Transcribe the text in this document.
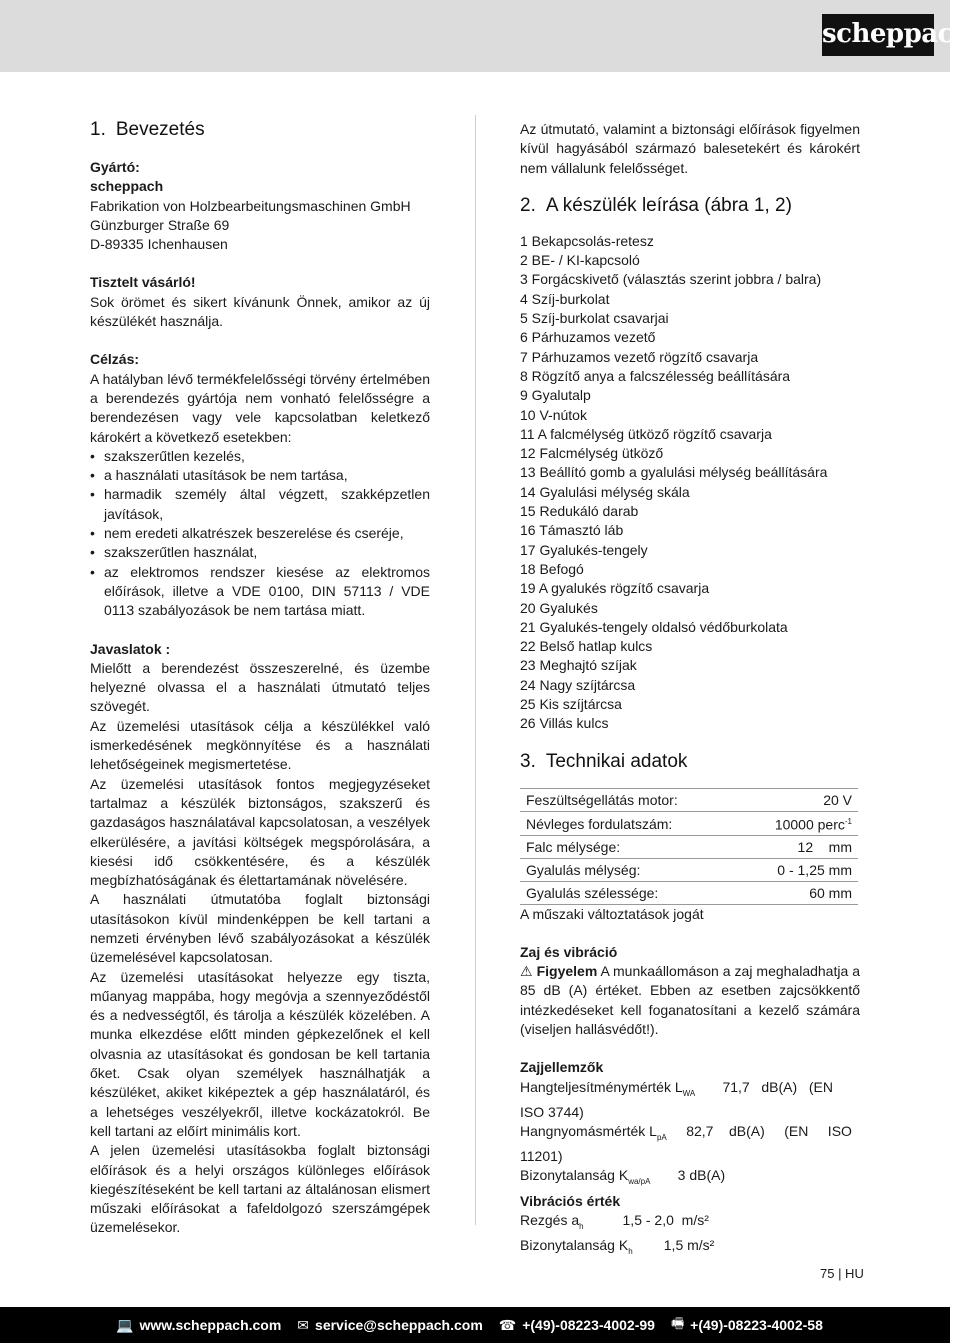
scheppach
1. Bevezetés

Gyártó:

scheppach

Fabrikation von Holzbearbeitungsmaschinen GmbH

Günzburger Straße 69

D-89335 Ichenhausen

Tisztelt vásárló!

Sok örömet és sikert kívánunk Önnek, amikor az új készülékét használja.

Célzás:

A hatályban lévő termékfelelősségi törvény értelmében a berendezés gyártója nem vonható felelősségre a berendezésen vagy vele kapcsolatban keletkező károkért a következő esetekben:

• szakszerűtlen kezelés,
• a használati utasítások be nem tartása,
• harmadik személy által végzett, szakképzetlen javítások,
• nem eredeti alkatrészek beszerelése és cseréje,
• szakszerűtlen használat,
• az elektromos rendszer kiesése az elektromos előírások, illetve a VDE 0100, DIN 57113 / VDE 0113 szabályozások be nem tartása miatt.

Javaslatok :

Mielőtt a berendezést összeszerelné, és üzembe helyezné olvassa el a használati útmutató teljes szövegét.

Az üzemelési utasítások célja a készülékkel való ismerkedésének megkönnyítése és a használati lehetőségeinek megismertetése.

Az üzemelési utasítások fontos megjegyzéseket tartalmaz a készülék biztonságos, szakszerű és gazdaságos használatával kapcsolatosan, a veszélyek elkerülésére, a javítási költségek megspórolására, a kiesési idő csökkentésére, és a készülék megbízhatóságának és élettartamának növelésére.

A használati útmutatóba foglalt biztonsági utasításokon kívül mindenképpen be kell tartani a nemzeti érvényben lévő szabályozásokat a készülék üzemelésével kapcsolatosan.

Az üzemelési utasításokat helyezze egy tiszta, műanyag mappába, hogy megóvja a szennyeződéstől és a nedvességtől, és tárolja a készülék közelében. A munka elkezdése előtt minden gépkezelőnek el kell olvasnia az utasításokat és gondosan be kell tartania őket. Csak olyan személyek használhatják a készüléket, akiket kiképeztek a gép használatáról, és a lehetséges veszélyekről, illetve kockázatokról. Be kell tartani az előírt minimális kort.

A jelen üzemelési utasításokba foglalt biztonsági előírások és a helyi országos különleges előírások kiegészítéseként be kell tartani az általánosan elismert műszaki előírásokat a fafeldolgozó szerszámgépek üzemelésekor.

Az útmutató, valamint a biztonsági előírások figyelmen kívül hagyásából származó balesetekért és károkért nem vállalunk felelősséget.

2. A készülék leírása (ábra 1, 2)

1 Bekapcsolás-retesz

2 BE- / KI-kapcsoló

3 Forgácskivető (választás szerint jobbra / balra)

4 Szíj-burkolat

5 Szíj-burkolat csavarjai

6 Párhuzamos vezető

7 Párhuzamos vezető rögzítő csavarja

8 Rögzítő anya a falcszélesség beállítására

9 Gyalutalp

10 V-nútok

11 A falcmélység ütköző rögzítő csavarja

12 Falcmélység ütköző

13 Beállító gomb a gyalulási mélység beállítására

14 Gyalulási mélység skála

15 Redukáló darab

16 Támasztó láb

17 Gyalukés-tengely

18 Befogó

19 A gyalukés rögzítő csavarja

20 Gyalukés

21 Gyalukés-tengely oldalsó védőburkolata

22 Belső hatlap kulcs

23 Meghajtó szíjak

24 Nagy szíjtárcsa

25 Kis szíjtárcsa

26 Villás kulcs

3. Technikai adatok
Feszültségellátás motor:	20 V
Névleges fordulatszám:	10000 perc$^{-1}$
Falc mélysége:	12    mm
Gyalulás mélység:	0 - 1,25 mm
Gyalulás szélessége:	60 mm

A műszaki változtatások jogát

Zaj és vibráció

⚠ Figyelem A munkaállomáson a zaj meghaladhatja a 85 dB (A) értéket. Ebben az esetben zajcsökkentő intézkedéseket kell foganatosítani a kezelő számára (viseljen hallásvédőt!).

Zajjellemzők

Hangteljesítménymérték $L_{WA}$ 71,7   dB(A)   (EN

ISO 3744)

Hangnyomásmérték $L_{pA}$ 82,7    dB(A)     (EN     ISO

11201)

Bizonytalanság $K_{wa/pA}$ 3 dB(A)

Vibrációs érték

Rezgés $a_h$	1,5 - 2,0  m/s²

Bizonytalanság $K_h$ 1,5 m/s²

75 | HU
💻 www.scheppach.com ✉ service@scheppach.com ☎ +(49)-08223-4002-99 🖷 +(49)-08223-4002-58
